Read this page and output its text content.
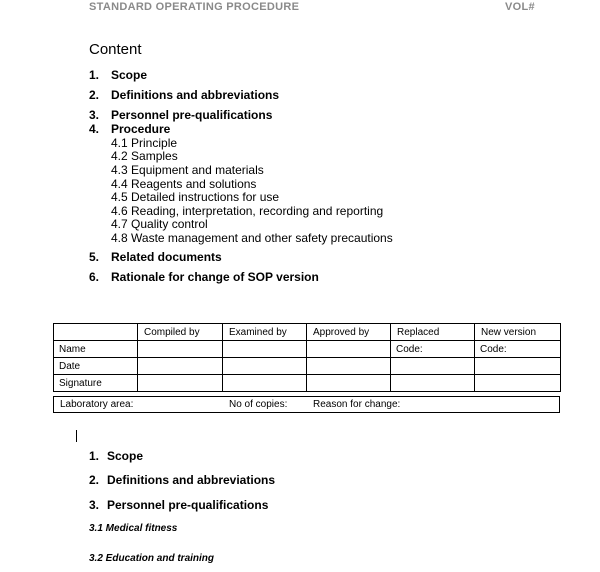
STANDARD OPERATING PROCEDURE	VOL#
Content
1. Scope
2. Definitions and abbreviations
3. Personnel pre-qualifications
4. Procedure
4.1 Principle
4.2 Samples
4.3 Equipment and materials
4.4 Reagents and solutions
4.5 Detailed instructions for use
4.6 Reading, interpretation, recording and reporting
4.7 Quality control
4.8 Waste management and other safety precautions
5. Related documents
6. Rationale for change of SOP version
	Compiled by	Examined by	Approved by	Replaced	New version
Name				Code:	Code:
Date					
Signature					
Laboratory area:	No of copies:	Reason for change:
1. Scope
2. Definitions and abbreviations
3. Personnel pre-qualifications
3.1 Medical fitness
3.2 Education and training
